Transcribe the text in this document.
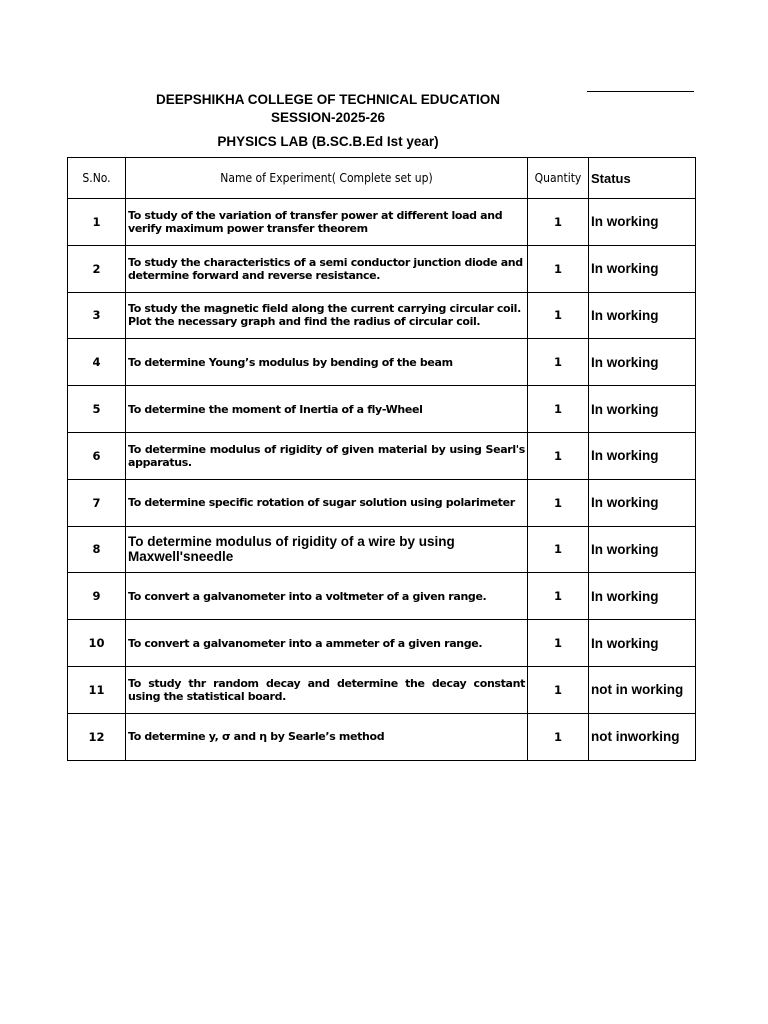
DEEPSHIKHA COLLEGE OF TECHNICAL EDUCATION
SESSION-2025-26
PHYSICS LAB (B.SC.B.Ed Ist year)
S.No.	Name of Experiment( Complete set up)	Quantity	Status
1	To study of the variation of transfer power at different load and verify maximum power transfer theorem	1	In working
2	To study the characteristics of a semi conductor junction diode and determine forward and reverse resistance.	1	In working
3	To study the magnetic field along the current carrying circular coil. Plot the necessary graph and find the radius of circular coil.	1	In working
4	To determine Young’s modulus by bending of the beam	1	In working
5	To determine the moment of Inertia of a fly-Wheel	1	In working
6	To determine modulus of rigidity of given material by using Searl's apparatus.	1	In working
7	To determine specific rotation of sugar solution using polarimeter	1	In working
8	To determine modulus of rigidity of a wire by using Maxwell'sneedle	1	In working
9	To convert a galvanometer into a voltmeter of a given range.	1	In working
10	To convert a galvanometer into a ammeter of a given range.	1	In working
11	To study thr random decay and determine the decay constant using the statistical board.	1	not in working
12	To determine y, σ and η by Searle’s method	1	not inworking
